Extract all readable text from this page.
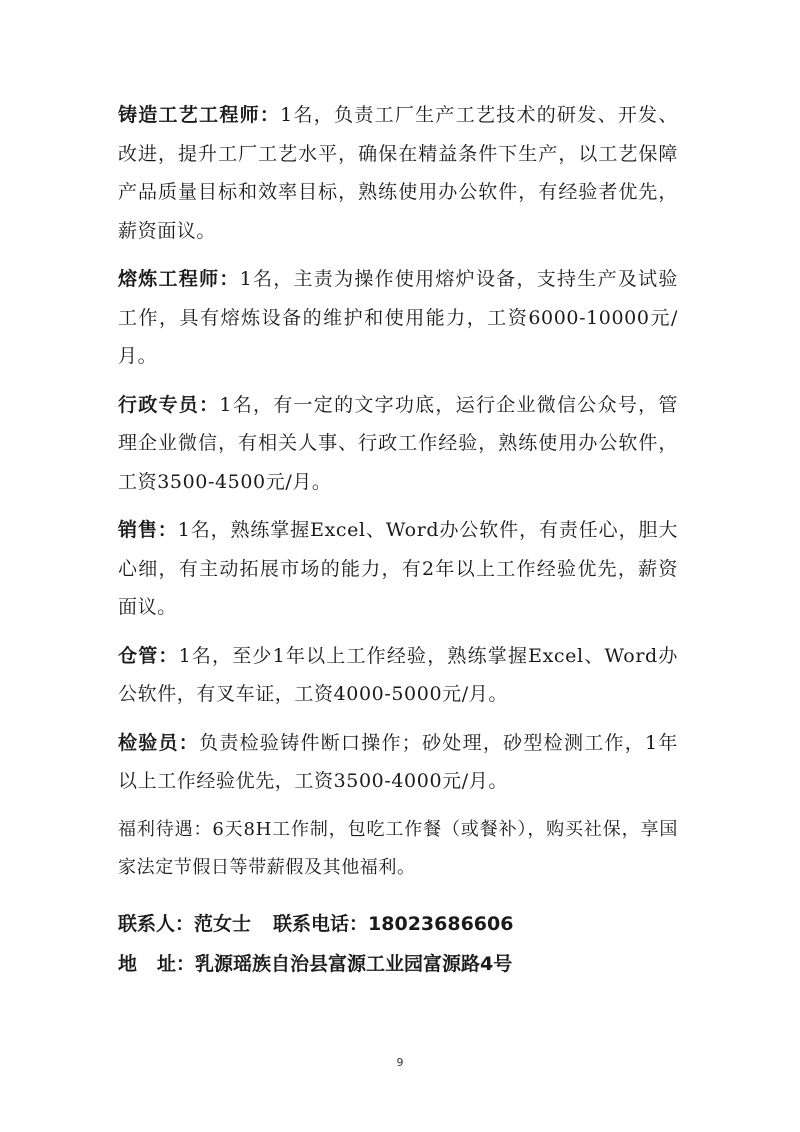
铸造工艺工程师：1名，负责工厂生产工艺技术的研发、开发、改进，提升工厂工艺水平，确保在精益条件下生产，以工艺保障产品质量目标和效率目标，熟练使用办公软件，有经验者优先，薪资面议。

熔炼工程师：1名，主责为操作使用熔炉设备，支持生产及试验工作，具有熔炼设备的维护和使用能力，工资6000-10000元/月。

行政专员：1名，有一定的文字功底，运行企业微信公众号，管理企业微信，有相关人事、行政工作经验，熟练使用办公软件，工资3500-4500元/月。

销售：1名，熟练掌握Excel、Word办公软件，有责任心，胆大心细，有主动拓展市场的能力，有2年以上工作经验优先，薪资面议。

仓管：1名，至少1年以上工作经验，熟练掌握Excel、Word办公软件，有叉车证，工资4000-5000元/月。

检验员：负责检验铸件断口操作；砂处理，砂型检测工作，1年以上工作经验优先，工资3500-4000元/月。

福利待遇：6天8H工作制，包吃工作餐（或餐补），购买社保，享国家法定节假日等带薪假及其他福利。

联系人：范女士 联系电话：18023686606

地 址：乳源瑶族自治县富源工业园富源路4号

9
